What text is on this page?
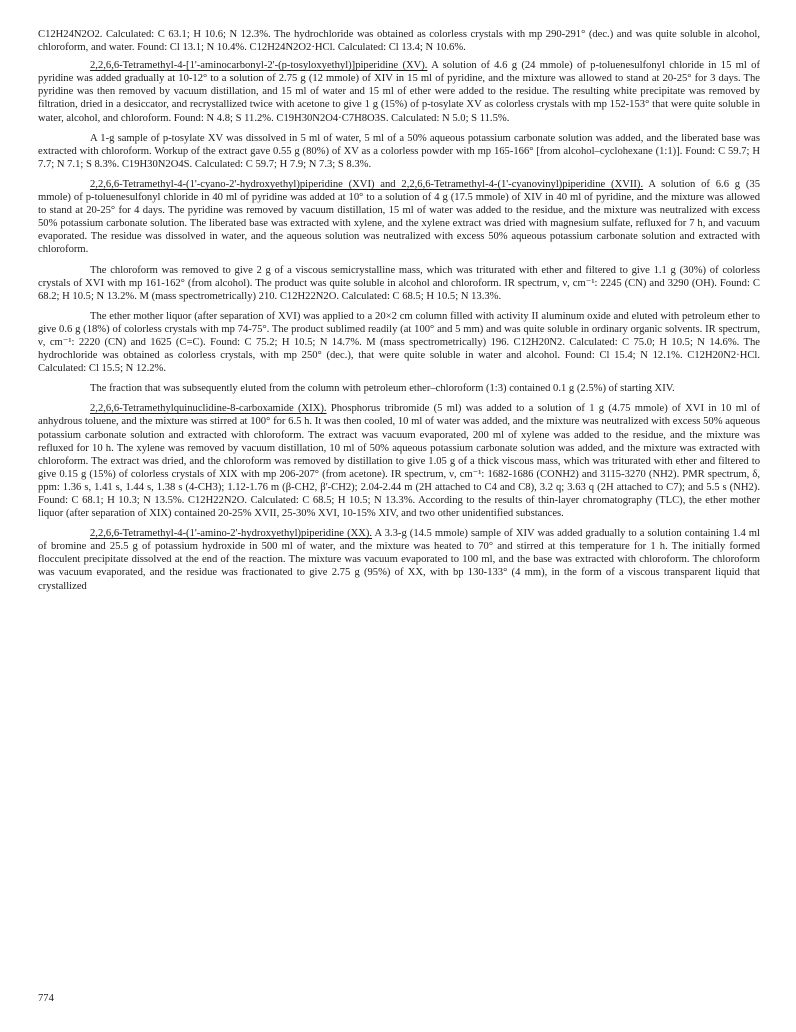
C12H24N2O2. Calculated: C 63.1; H 10.6; N 12.3%. The hydrochloride was obtained as colorless crystals with mp 290-291° (dec.) and was quite soluble in alcohol, chloroform, and water. Found: Cl 13.1; N 10.4%. C12H24N2O2·HCl. Calculated: Cl 13.4; N 10.6%.

2,2,6,6-Tetramethyl-4-[1'-aminocarbonyl-2'-(p-tosyloxyethyl)]piperidine (XV). A solution of 4.6 g (24 mmole) of p-toluenesulfonyl chloride in 15 ml of pyridine was added gradually at 10-12° to a solution of 2.75 g (12 mmole) of XIV in 15 ml of pyridine, and the mixture was allowed to stand at 20-25° for 3 days. The pyridine was then removed by vacuum distillation, and 15 ml of water and 15 ml of ether were added to the residue. The resulting white precipitate was removed by filtration, dried in a desiccator, and recrystallized twice with acetone to give 1 g (15%) of p-tosylate XV as colorless crystals with mp 152-153° that were quite soluble in water, alcohol, and chloroform. Found: N 4.8; S 11.2%. C19H30N2O4·C7H8O3S. Calculated: N 5.0; S 11.5%.

A 1-g sample of p-tosylate XV was dissolved in 5 ml of water, 5 ml of a 50% aqueous potassium carbonate solution was added, and the liberated base was extracted with chloroform. Workup of the extract gave 0.55 g (80%) of XV as a colorless powder with mp 165-166° [from alcohol–cyclohexane (1:1)]. Found: C 59.7; H 7.7; N 7.1; S 8.3%. C19H30N2O4S. Calculated: C 59.7; H 7.9; N 7.3; S 8.3%.

2,2,6,6-Tetramethyl-4-(1'-cyano-2'-hydroxyethyl)piperidine (XVI) and 2,2,6,6-Tetramethyl-4-(1'-cyanovinyl)piperidine (XVII). A solution of 6.6 g (35 mmole) of p-toluenesulfonyl chloride in 40 ml of pyridine was added at 10° to a solution of 4 g (17.5 mmole) of XIV in 40 ml of pyridine, and the mixture was allowed to stand at 20-25° for 4 days. The pyridine was removed by vacuum distillation, 15 ml of water was added to the residue, and the mixture was neutralized with excess 50% potassium carbonate solution. The liberated base was extracted with xylene, and the xylene extract was dried with magnesium sulfate, refluxed for 7 h, and vacuum evaporated. The residue was dissolved in water, and the aqueous solution was neutralized with excess 50% aqueous potassium carbonate solution and extracted with chloroform.

The chloroform was removed to give 2 g of a viscous semicrystalline mass, which was triturated with ether and filtered to give 1.1 g (30%) of colorless crystals of XVI with mp 161-162° (from alcohol). The product was quite soluble in alcohol and chloroform. IR spectrum, ν, cm⁻¹: 2245 (CN) and 3290 (OH). Found: C 68.2; H 10.5; N 13.2%. M (mass spectrometrically) 210. C12H22N2O. Calculated: C 68.5; H 10.5; N 13.3%.

The ether mother liquor (after separation of XVI) was applied to a 20×2 cm column filled with activity II aluminum oxide and eluted with petroleum ether to give 0.6 g (18%) of colorless crystals with mp 74-75°. The product sublimed readily (at 100° and 5 mm) and was quite soluble in ordinary organic solvents. IR spectrum, ν, cm⁻¹: 2220 (CN) and 1625 (C=C). Found: C 75.2; H 10.5; N 14.7%. M (mass spectrometrically) 196. C12H20N2. Calculated: C 75.0; H 10.5; N 14.6%. The hydrochloride was obtained as colorless crystals, with mp 250° (dec.), that were quite soluble in water and alcohol. Found: Cl 15.4; N 12.1%. C12H20N2·HCl. Calculated: Cl 15.5; N 12.2%.

The fraction that was subsequently eluted from the column with petroleum ether–chloroform (1:3) contained 0.1 g (2.5%) of starting XIV.

2,2,6,6-Tetramethylquinuclidine-8-carboxamide (XIX). Phosphorus tribromide (5 ml) was added to a solution of 1 g (4.75 mmole) of XVI in 10 ml of anhydrous toluene, and the mixture was stirred at 100° for 6.5 h. It was then cooled, 10 ml of water was added, and the mixture was neutralized with excess 50% aqueous potassium carbonate solution and extracted with chloroform. The extract was vacuum evaporated, 200 ml of xylene was added to the residue, and the mixture was refluxed for 10 h. The xylene was removed by vacuum distillation, 10 ml of 50% aqueous potassium carbonate solution was added, and the mixture was extracted with chloroform. The extract was dried, and the chloroform was removed by distillation to give 1.05 g of a thick viscous mass, which was triturated with ether and filtered to give 0.15 g (15%) of colorless crystals of XIX with mp 206-207° (from acetone). IR spectrum, ν, cm⁻¹: 1682-1686 (CONH2) and 3115-3270 (NH2). PMR spectrum, δ, ppm: 1.36 s, 1.41 s, 1.44 s, 1.38 s (4-CH3); 1.12-1.76 m (β-CH2, β'-CH2); 2.04-2.44 m (2H attached to C4 and C8), 3.2 q; 3.63 q (2H attached to C7); and 5.5 s (NH2). Found: C 68.1; H 10.3; N 13.5%. C12H22N2O. Calculated: C 68.5; H 10.5; N 13.3%. According to the results of thin-layer chromatography (TLC), the ether mother liquor (after separation of XIX) contained 20-25% XVII, 25-30% XVI, 10-15% XIV, and two other unidentified substances.

2,2,6,6-Tetramethyl-4-(1'-amino-2'-hydroxyethyl)piperidine (XX). A 3.3-g (14.5 mmole) sample of XIV was added gradually to a solution containing 1.4 ml of bromine and 25.5 g of potassium hydroxide in 500 ml of water, and the mixture was heated to 70° and stirred at this temperature for 1 h. The initially formed flocculent precipitate dissolved at the end of the reaction. The mixture was vacuum evaporated to 100 ml, and the base was extracted with chloroform. The chloroform was vacuum evaporated, and the residue was fractionated to give 2.75 g (95%) of XX, with bp 130-133° (4 mm), in the form of a viscous transparent liquid that crystallized

774
